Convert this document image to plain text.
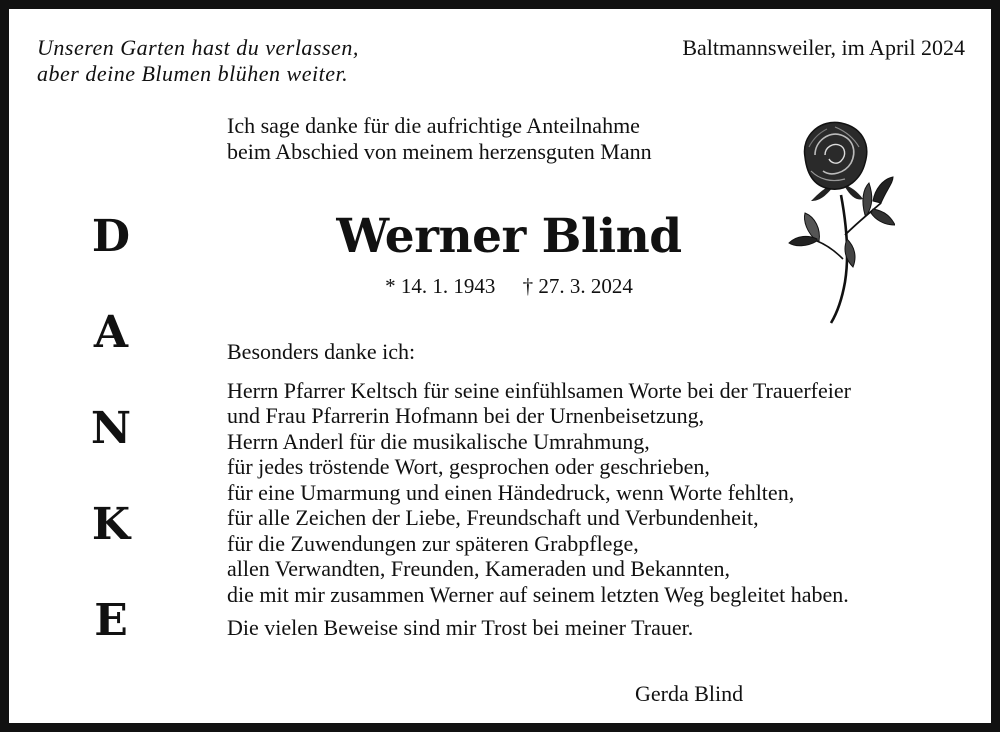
Unseren Garten hast du verlassen,
aber deine Blumen blühen weiter.
Baltmannsweiler, im April 2024
D
A
N
K
E
Ich sage danke für die aufrichtige Anteilnahme
beim Abschied von meinem herzensguten Mann
Werner Blind
* 14. 1. 1943 † 27. 3. 2024
Besonders danke ich:
Herrn Pfarrer Keltsch für seine einfühlsamen Worte bei der Trauerfeier
und Frau Pfarrerin Hofmann bei der Urnenbeisetzung,
Herrn Anderl für die musikalische Umrahmung,
für jedes tröstende Wort, gesprochen oder geschrieben,
für eine Umarmung und einen Händedruck, wenn Worte fehlten,
für alle Zeichen der Liebe, Freundschaft und Verbundenheit,
für die Zuwendungen zur späteren Grabpflege,
allen Verwandten, Freunden, Kameraden und Bekannten,
die mit mir zusammen Werner auf seinem letzten Weg begleitet haben.
Die vielen Beweise sind mir Trost bei meiner Trauer.
Gerda Blind
